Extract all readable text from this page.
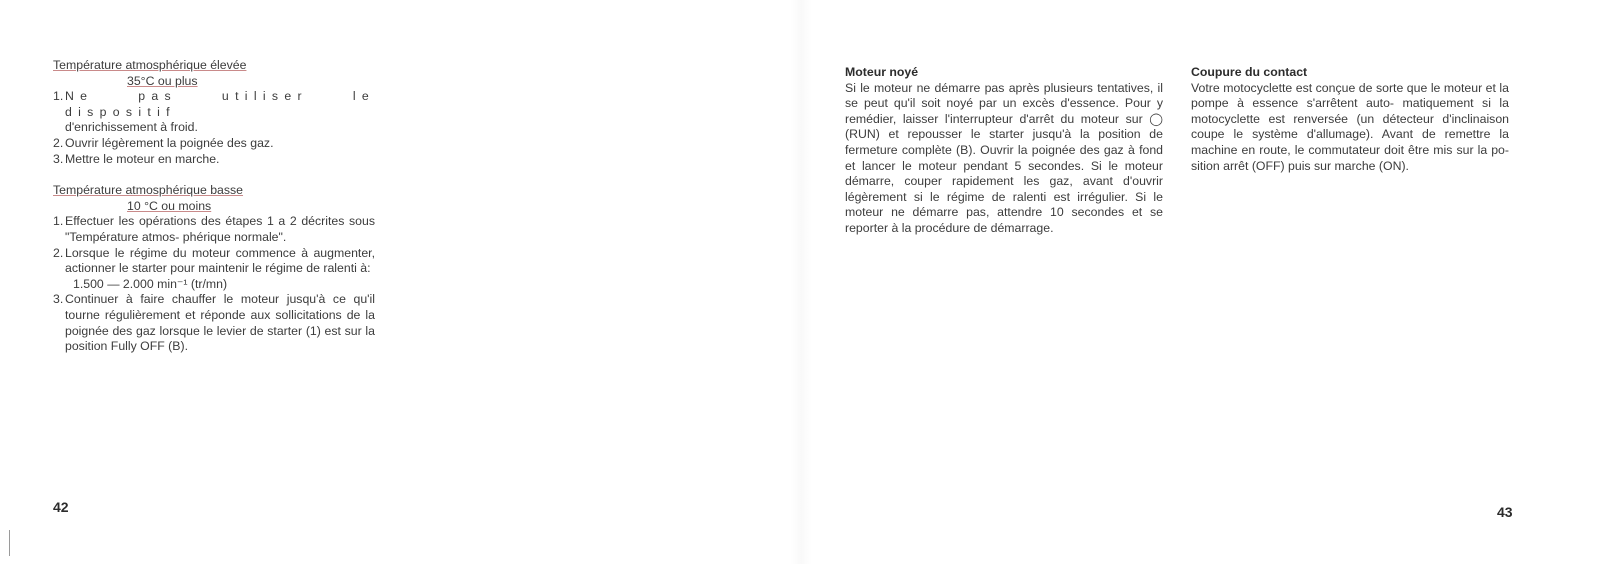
Température atmosphérique élevée
35°C ou plus
1. Ne pas utiliser le dispositif
d'enrichissement à froid.
2. Ouvrir légèrement la poignée des gaz.
3. Mettre le moteur en marche.
Température atmosphérique basse
10 °C ou moins
1. Effectuer les opérations des étapes 1 a 2 décrites sous "Température atmos- phérique normale".
2. Lorsque le régime du moteur commence à augmenter, actionner le starter pour maintenir le régime de ralenti à:
1.500 — 2.000 min⁻¹ (tr/mn)
3. Continuer à faire chauffer le moteur jusqu'à ce qu'il tourne régulièrement et réponde aux sollicitations de la poignée des gaz lorsque le levier de starter (1) est sur la position Fully OFF (B).
42
Moteur noyé
Si le moteur ne démarre pas après plusieurs tentatives, il se peut qu'il soit noyé par un excès d'essence. Pour y remédier, laisser l'interrupteur d'arrêt du moteur sur ◯ (RUN) et repousser le starter jusqu'à la position de fermeture complète (B). Ouvrir la poignée des gaz à fond et lancer le moteur pendant 5 secondes. Si le moteur démarre, couper rapidement les gaz, avant d'ouvrir légèrement si le régime de ralenti est irrégulier. Si le moteur ne démarre pas, attendre 10 secondes et se reporter à la procédure de démarrage.
Coupure du contact
Votre motocyclette est conçue de sorte que le moteur et la pompe à essence s'arrêtent auto- matiquement si la motocyclette est renversée (un détecteur d'inclinaison coupe le système d'allumage). Avant de remettre la machine en route, le commutateur doit être mis sur la po- sition arrêt (OFF) puis sur marche (ON).
43
